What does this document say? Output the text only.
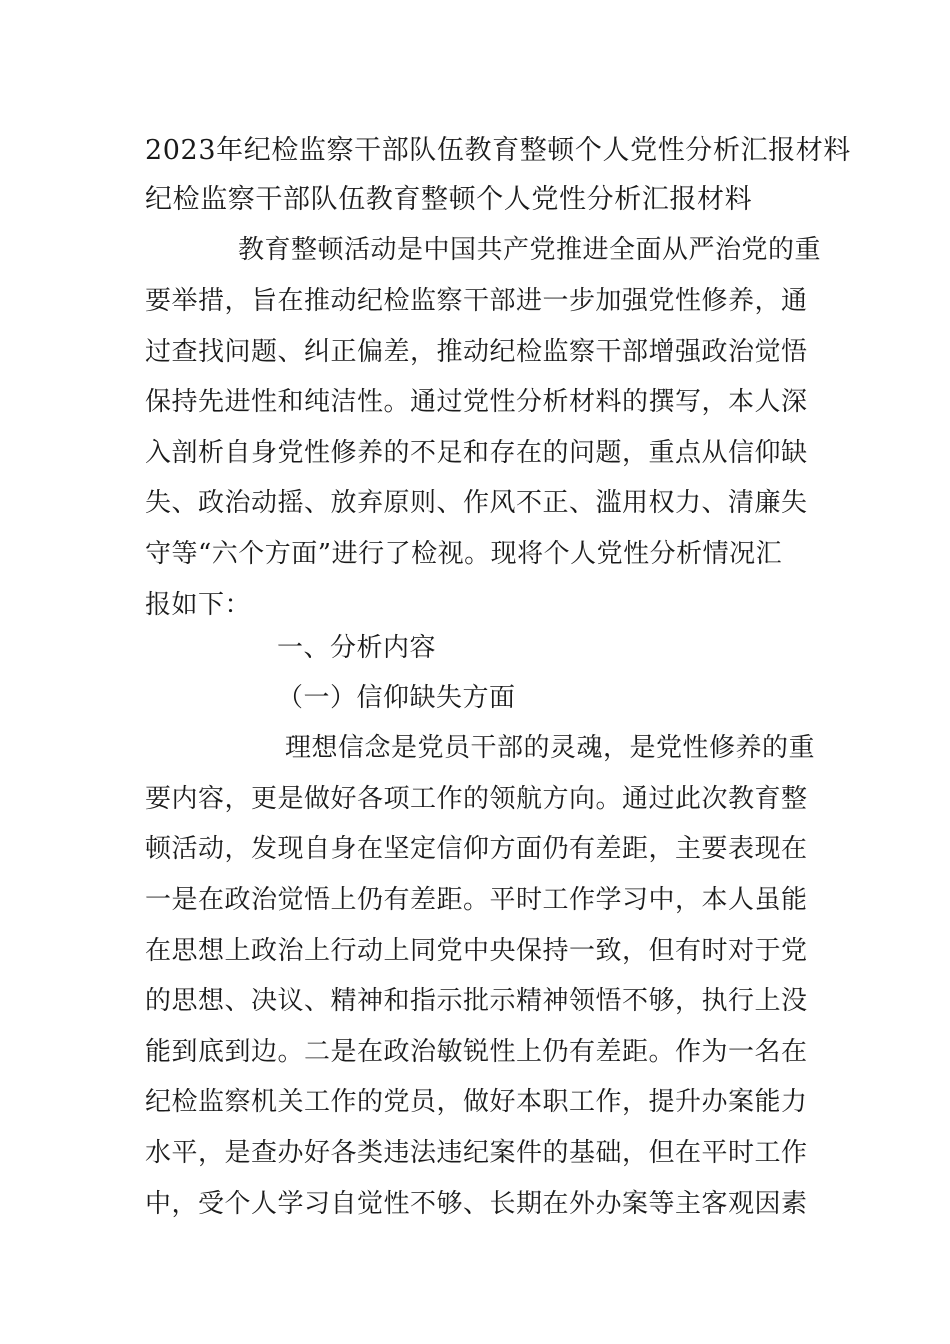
2023年纪检监察干部队伍教育整顿个人党性分析汇报材料
纪检监察干部队伍教育整顿个人党性分析汇报材料
教育整顿活动是中国共产党推进全面从严治党的重
要举措，旨在推动纪检监察干部进一步加强党性修养，通
过查找问题、纠正偏差，推动纪检监察干部增强政治觉悟
保持先进性和纯洁性。通过党性分析材料的撰写，本人深
入剖析自身党性修养的不足和存在的问题，重点从信仰缺
失、政治动摇、放弃原则、作风不正、滥用权力、清廉失
守等“六个方面”进行了检视。现将个人党性分析情况汇
报如下：
一、分析内容
（一）信仰缺失方面
理想信念是党员干部的灵魂，是党性修养的重
要内容，更是做好各项工作的领航方向。通过此次教育整
顿活动，发现自身在坚定信仰方面仍有差距，主要表现在
一是在政治觉悟上仍有差距。平时工作学习中，本人虽能
在思想上政治上行动上同党中央保持一致，但有时对于党
的思想、决议、精神和指示批示精神领悟不够，执行上没
能到底到边。二是在政治敏锐性上仍有差距。作为一名在
纪检监察机关工作的党员，做好本职工作，提升办案能力
水平，是查办好各类违法违纪案件的基础，但在平时工作
中，受个人学习自觉性不够、长期在外办案等主客观因素
